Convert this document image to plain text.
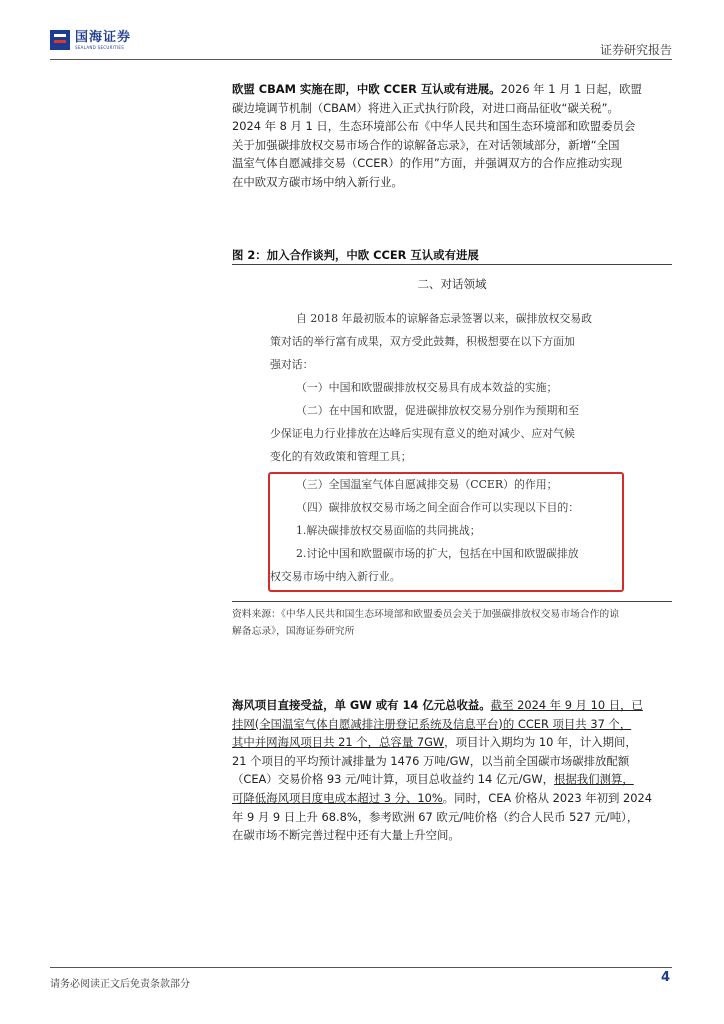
国海证券
SEALAND SECURITIES	证券研究报告
欧盟 CBAM 实施在即，中欧 CCER 互认或有进展。2026 年 1 月 1 日起，欧盟
碳边境调节机制（CBAM）将进入正式执行阶段，对进口商品征收“碳关税”。
2024 年 8 月 1 日，生态环境部公布《中华人民共和国生态环境部和欧盟委员会
关于加强碳排放权交易市场合作的谅解备忘录》，在对话领域部分，新增“全国
温室气体自愿减排交易（CCER）的作用”方面，并强调双方的合作应推动实现
在中欧双方碳市场中纳入新行业。

图 2：加入合作谈判，中欧 CCER 互认或有进展

二、对话领域

自 2018 年最初版本的谅解备忘录签署以来，碳排放权交易政

策对话的举行富有成果，双方受此鼓舞，积极想要在以下方面加

强对话：

（一）中国和欧盟碳排放权交易具有成本效益的实施；

（二）在中国和欧盟，促进碳排放权交易分别作为预期和至

少保证电力行业排放在达峰后实现有意义的绝对减少、应对气候

变化的有效政策和管理工具；

（三）全国温室气体自愿减排交易（CCER）的作用；

（四）碳排放权交易市场之间全面合作可以实现以下目的：

1.解决碳排放权交易面临的共同挑战；

2.讨论中国和欧盟碳市场的扩大，包括在中国和欧盟碳排放

权交易市场中纳入新行业。

资料来源：《中华人民共和国生态环境部和欧盟委员会关于加强碳排放权交易市场合作的谅
解备忘录》，国海证券研究所
海风项目直接受益，单 GW 或有 14 亿元总收益。截至 2024 年 9 月 10 日，已
挂网(全国温室气体自愿减排注册登记系统及信息平台)的 CCER 项目共 37 个，
其中并网海风项目共 21 个，总容量 7GW，项目计入期均为 10 年，计入期间，
21 个项目的平均预计减排量为 1476 万吨/GW，以当前全国碳市场碳排放配额
（CEA）交易价格 93 元/吨计算，项目总收益约 14 亿元/GW，根据我们测算，
可降低海风项目度电成本超过 3 分、10%。同时，CEA 价格从 2023 年初到 2024
年 9 月 9 日上升 68.8%，参考欧洲 67 欧元/吨价格（约合人民币 527 元/吨），
在碳市场不断完善过程中还有大量上升空间。
请务必阅读正文后免责条款部分	4
